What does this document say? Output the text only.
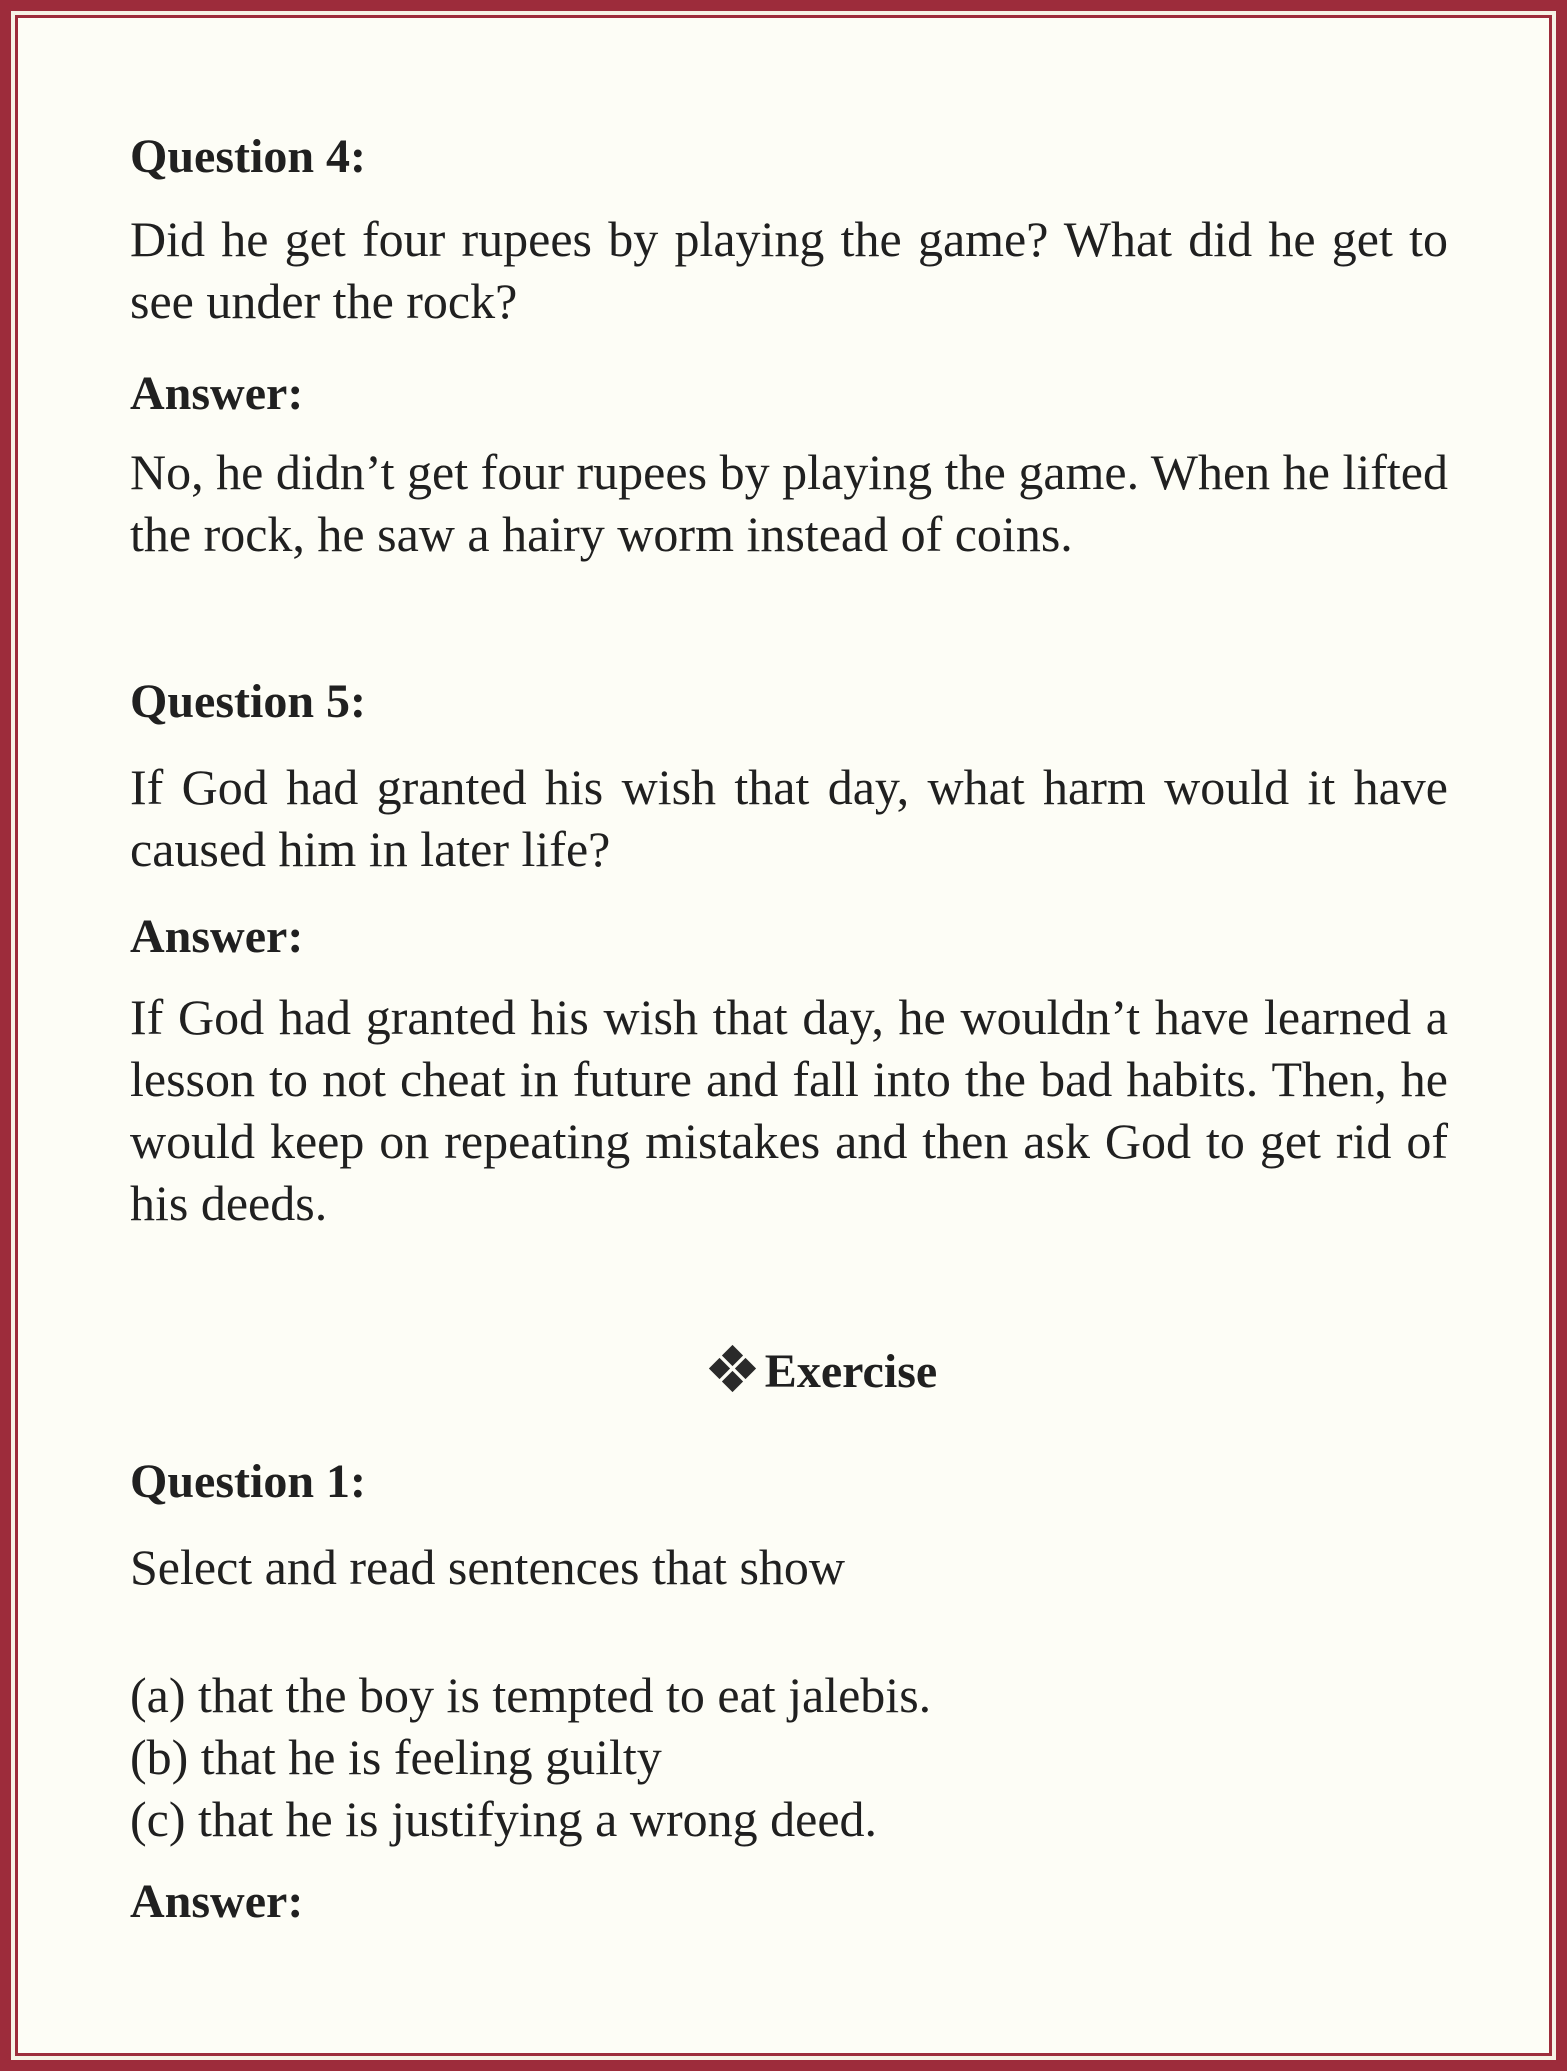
Question 4:

Did he get four rupees by playing the game? What did he get to see under the rock?

Answer:

No, he didn’t get four rupees by playing the game. When he lifted the rock, he saw a hairy worm instead of coins.

Question 5:

If God had granted his wish that day, what harm would it have caused him in later life?

Answer:

If God had granted his wish that day, he wouldn’t have learned a lesson to not cheat in future and fall into the bad habits. Then, he would keep on repeating mistakes and then ask God to get rid of his deeds.

Exercise

Question 1:

Select and read sentences that show

(a) that the boy is tempted to eat jalebis.

(b) that he is feeling guilty

(c) that he is justifying a wrong deed.

Answer:
